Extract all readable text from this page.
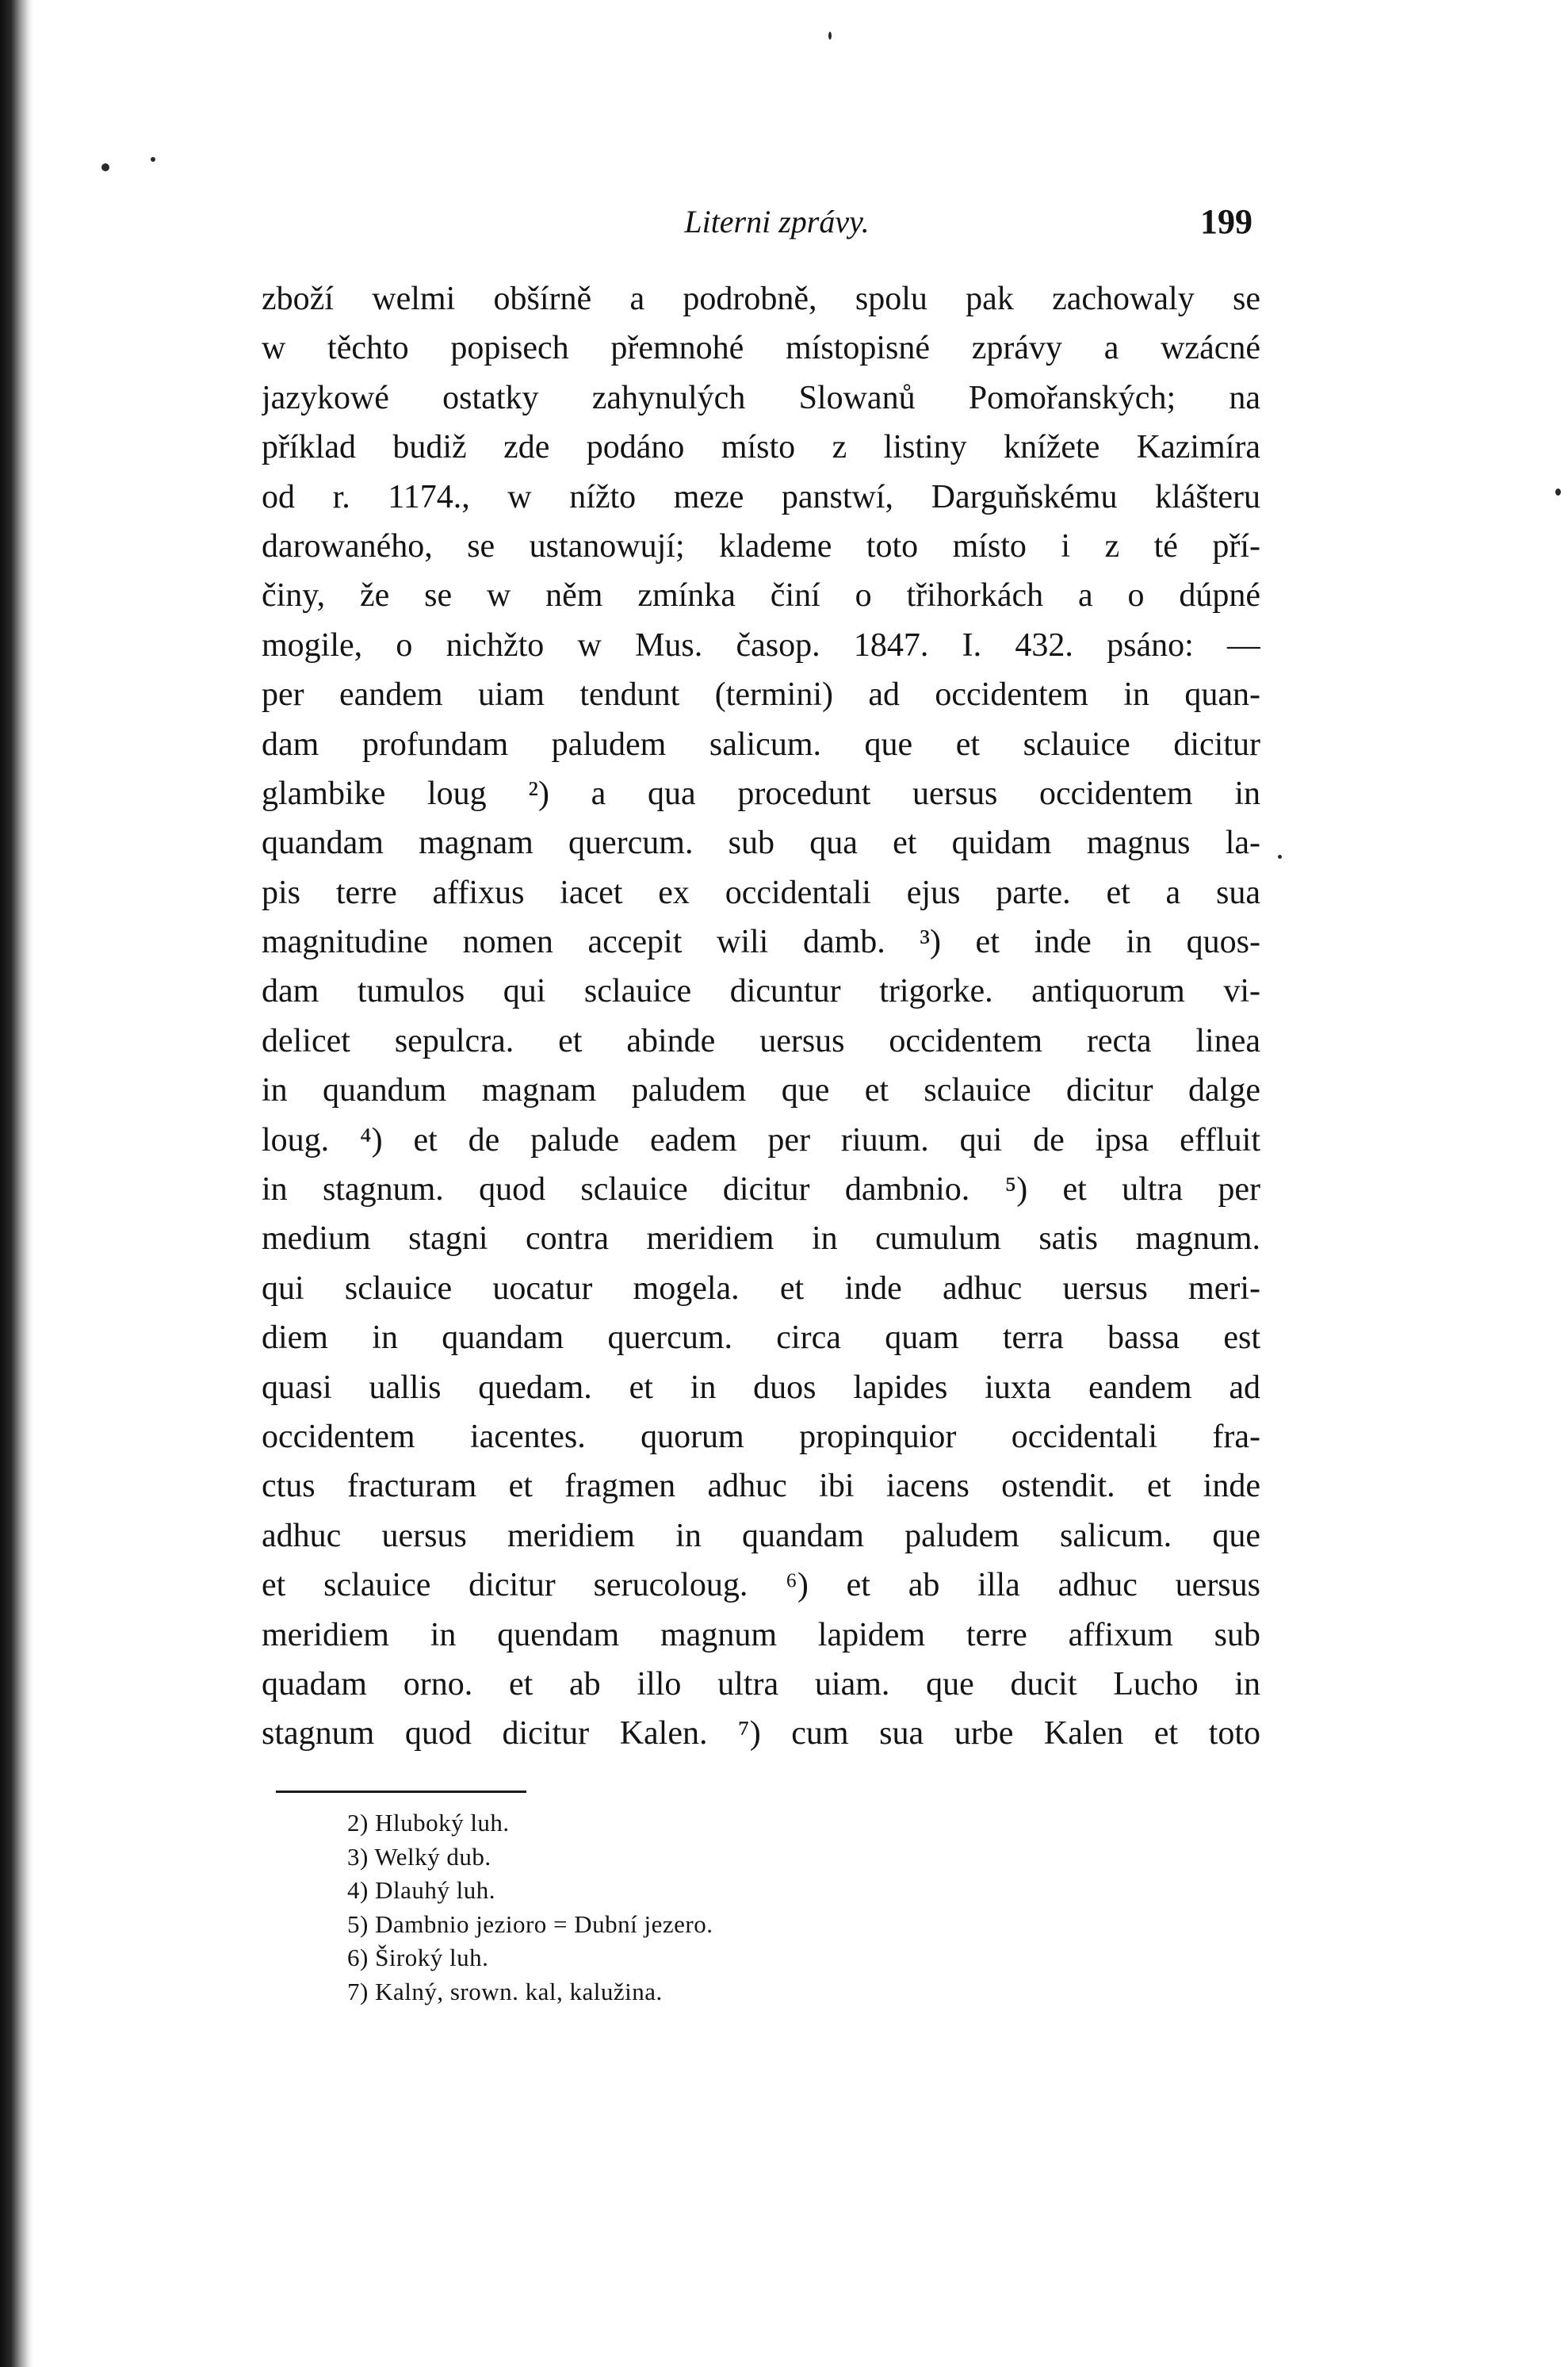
Literni zprávy.	199
zboží welmi obšírně a podrobně, spolu pak zachowaly se
w těchto popisech přemnohé místopisné zprávy a wzácné
jazykowé ostatky zahynulých Slowanů Pomořanských; na
příklad budiž zde podáno místo z listiny knížete Kazimíra
od r. 1174., w nížto meze panstwí, Darguňskému klášteru
darowaného, se ustanowují; klademe toto místo i z té pří-
činy, že se w něm zmínka činí o třihorkách a o dúpné
mogile, o nichžto w Mus. časop. 1847. I. 432. psáno: —
per eandem uiam tendunt (termini) ad occidentem in quan-
dam profundam paludem salicum. que et sclauice dicitur
glambike loug ²) a qua procedunt uersus occidentem in
quandam magnam quercum. sub qua et quidam magnus la-
pis terre affixus iacet ex occidentali ejus parte. et a sua
magnitudine nomen accepit wili damb. ³) et inde in quos-
dam tumulos qui sclauice dicuntur trigorke. antiquorum vi-
delicet sepulcra. et abinde uersus occidentem recta linea
in quandum magnam paludem que et sclauice dicitur dalge
loug. ⁴) et de palude eadem per riuum. qui de ipsa effluit
in stagnum. quod sclauice dicitur dambnio. ⁵) et ultra per
medium stagni contra meridiem in cumulum satis magnum.
qui sclauice uocatur mogela. et inde adhuc uersus meri-
diem in quandam quercum. circa quam terra bassa est
quasi uallis quedam. et in duos lapides iuxta eandem ad
occidentem iacentes. quorum propinquior occidentali fra-
ctus fracturam et fragmen adhuc ibi iacens ostendit. et inde
adhuc uersus meridiem in quandam paludem salicum. que
et sclauice dicitur serucoloug. ⁶) et ab illa adhuc uersus
meridiem in quendam magnum lapidem terre affixum sub
quadam orno. et ab illo ultra uiam. que ducit Lucho in
stagnum quod dicitur Kalen. ⁷) cum sua urbe Kalen et toto
2) Hluboký luh.
3) Welký dub.
4) Dlauhý luh.
5) Dambnio jezioro = Dubní jezero.
6) Široký luh.
7) Kalný, srown. kal, kalužina.
